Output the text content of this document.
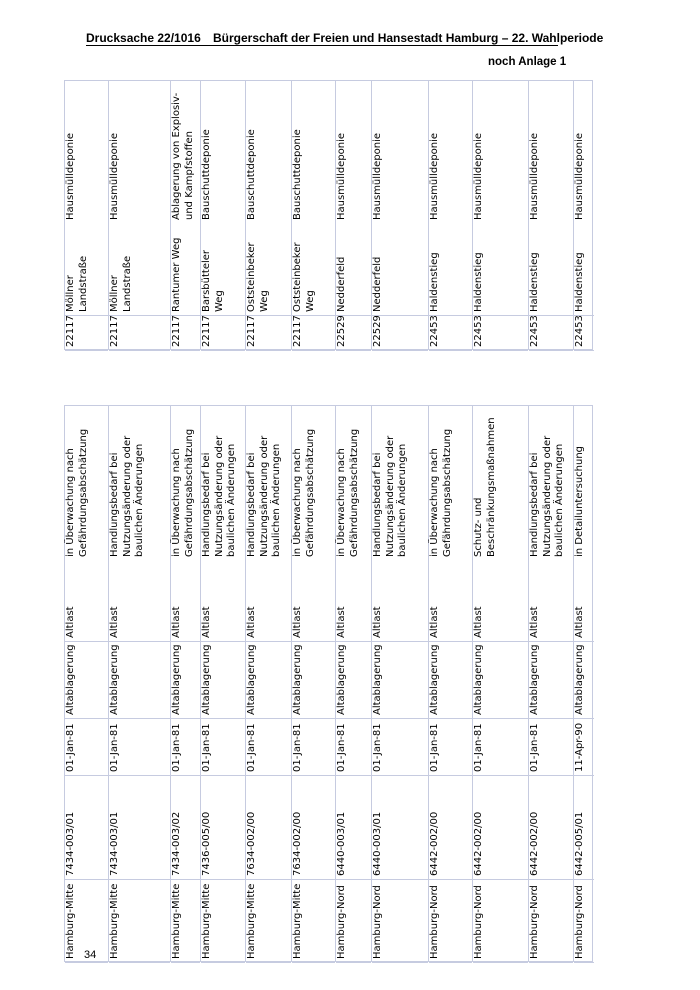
Drucksache 22/1016 Bürgerschaft der Freien und Hansestadt Hamburg – 22. Wahlperiode
noch Anlage 1
22117
Möllner Landstraße
Hausmülldeponie
22117
Möllner Landstraße
Hausmülldeponie
22117
Rantumer Weg
Ablagerung von Explosiv- und Kampfstoffen
22117
Barsbütteler Weg
Bauschuttdeponie
22117
Oststeinbeker Weg
Bauschuttdeponie
22117
Oststeinbeker Weg
Bauschuttdeponie
22529
Nedderfeld
Hausmülldeponie
22529
Nedderfeld
Hausmülldeponie
22453
Haldenstieg
Hausmülldeponie
22453
Haldenstieg
Hausmülldeponie
22453
Haldenstieg
Hausmülldeponie
22453
Haldenstieg
Hausmülldeponie
Hamburg-Mitte
7434-003/01
01-Jan-81
Altablagerung
Altlast
in Überwachung nach Gefährdungsabschätzung
Hamburg-Mitte
7434-003/01
01-Jan-81
Altablagerung
Altlast
Handlungsbedarf bei Nutzungsänderung oder baulichen Änderungen
Hamburg-Mitte
7434-003/02
01-Jan-81
Altablagerung
Altlast
in Überwachung nach Gefährdungsabschätzung
Hamburg-Mitte
7436-005/00
01-Jan-81
Altablagerung
Altlast
Handlungsbedarf bei Nutzungsänderung oder baulichen Änderungen
Hamburg-Mitte
7634-002/00
01-Jan-81
Altablagerung
Altlast
Handlungsbedarf bei Nutzungsänderung oder baulichen Änderungen
Hamburg-Mitte
7634-002/00
01-Jan-81
Altablagerung
Altlast
in Überwachung nach Gefährdungsabschätzung
Hamburg-Nord
6440-003/01
01-Jan-81
Altablagerung
Altlast
in Überwachung nach Gefährdungsabschätzung
Hamburg-Nord
6440-003/01
01-Jan-81
Altablagerung
Altlast
Handlungsbedarf bei Nutzungsänderung oder baulichen Änderungen
Hamburg-Nord
6442-002/00
01-Jan-81
Altablagerung
Altlast
in Überwachung nach Gefährdungsabschätzung
Hamburg-Nord
6442-002/00
01-Jan-81
Altablagerung
Altlast
Schutz- und Beschränkungsmaßnahmen
Hamburg-Nord
6442-002/00
01-Jan-81
Altablagerung
Altlast
Handlungsbedarf bei Nutzungsänderung oder baulichen Änderungen
Hamburg-Nord
6442-005/01
11-Apr-90
Altablagerung
Altlast
in Detailuntersuchung
34
